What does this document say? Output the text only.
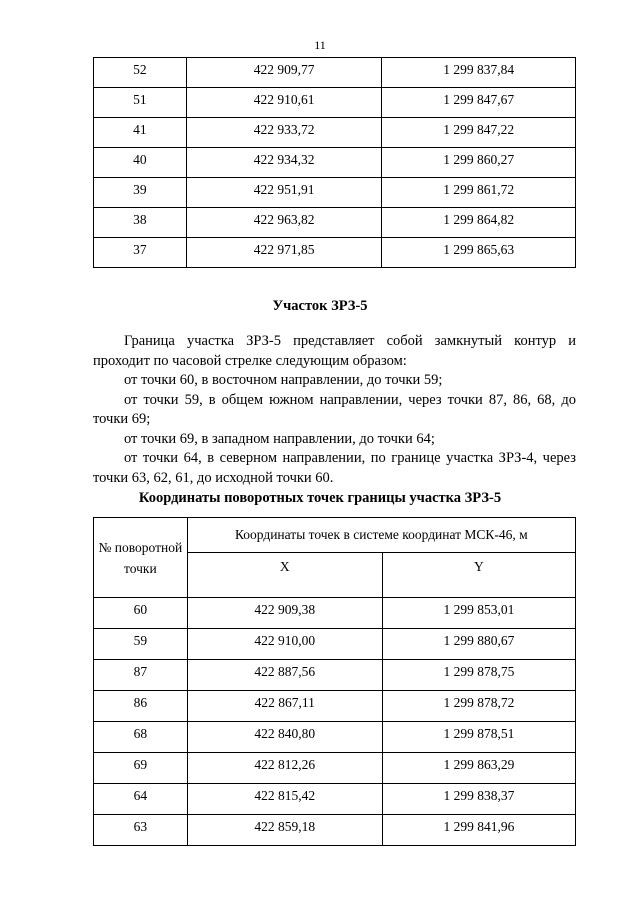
11
52	422 909,77	1 299 837,84
51	422 910,61	1 299 847,67
41	422 933,72	1 299 847,22
40	422 934,32	1 299 860,27
39	422 951,91	1 299 861,72
38	422 963,82	1 299 864,82
37	422 971,85	1 299 865,63
Участок ЗРЗ-5

Граница участка ЗРЗ-5 представляет собой замкнутый контур и проходит по часовой стрелке следующим образом:

от точки 60, в восточном направлении, до точки 59;

от точки 59, в общем южном направлении, через точки 87, 86, 68, до точки 69;

от точки 69, в западном направлении, до точки 64;

от точки 64, в северном направлении, по границе участка ЗРЗ-4, через точки 63, 62, 61, до исходной точки 60.

Координаты поворотных точек границы участка ЗРЗ-5
№ поворотной точки	Координаты точек в системе координат МСК-46, м	
	X	Y
60	422 909,38	1 299 853,01
59	422 910,00	1 299 880,67
87	422 887,56	1 299 878,75
86	422 867,11	1 299 878,72
68	422 840,80	1 299 878,51
69	422 812,26	1 299 863,29
64	422 815,42	1 299 838,37
63	422 859,18	1 299 841,96
